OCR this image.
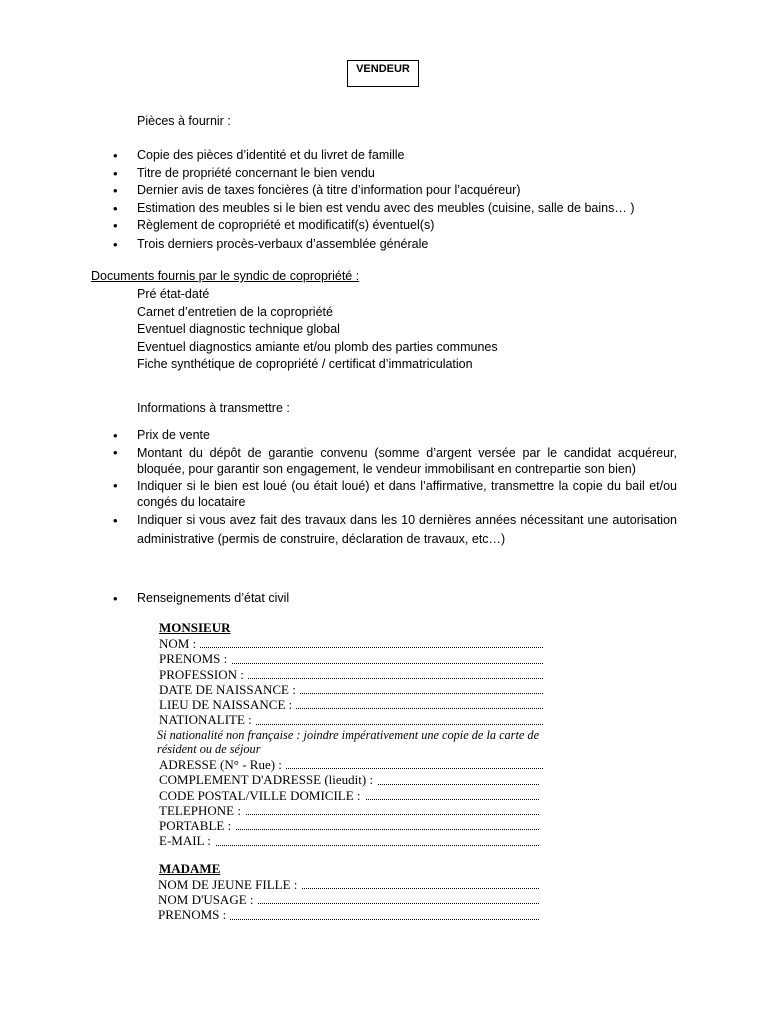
VENDEUR
Pièces à fournir :
• Copie des pièces d’identité et du livret de famille
• Titre de propriété concernant le bien vendu
• Dernier avis de taxes foncières (à titre d’information pour l’acquéreur)
• Estimation des meubles si le bien est vendu avec des meubles (cuisine, salle de bains… )
• Règlement de copropriété et modificatif(s) éventuel(s)
• Trois derniers procès-verbaux d’assemblée générale
Documents fournis par le syndic de copropriété :
Pré état-daté
Carnet d’entretien de la copropriété
Eventuel diagnostic technique global
Eventuel diagnostics amiante et/ou plomb des parties communes
Fiche synthétique de copropriété / certificat d’immatriculation
Informations à transmettre :
• Prix de vente
• Montant du dépôt de garantie convenu (somme d’argent versée par le candidat acquéreur, bloquée, pour garantir son engagement, le vendeur immobilisant en contrepartie son bien)
• Indiquer si le bien est loué (ou était loué) et dans l’affirmative, transmettre la copie du bail et/ou congés du locataire
• Indiquer si vous avez fait des travaux dans les 10 dernières années nécessitant une autorisation administrative (permis de construire, déclaration de travaux, etc…)
• Renseignements d’état civil
MONSIEUR
NOM :
PRENOMS :
PROFESSION :
DATE DE NAISSANCE :
LIEU DE NAISSANCE :
NATIONALITE :
Si nationalité non française : joindre impérativement une copie de la carte de résident ou de séjour
ADRESSE (N° - Rue) :
COMPLEMENT D'ADRESSE (lieudit) :
CODE POSTAL/VILLE DOMICILE :
TELEPHONE :
PORTABLE :
E-MAIL :
MADAME
NOM DE JEUNE FILLE :
NOM D'USAGE :
PRENOMS :
